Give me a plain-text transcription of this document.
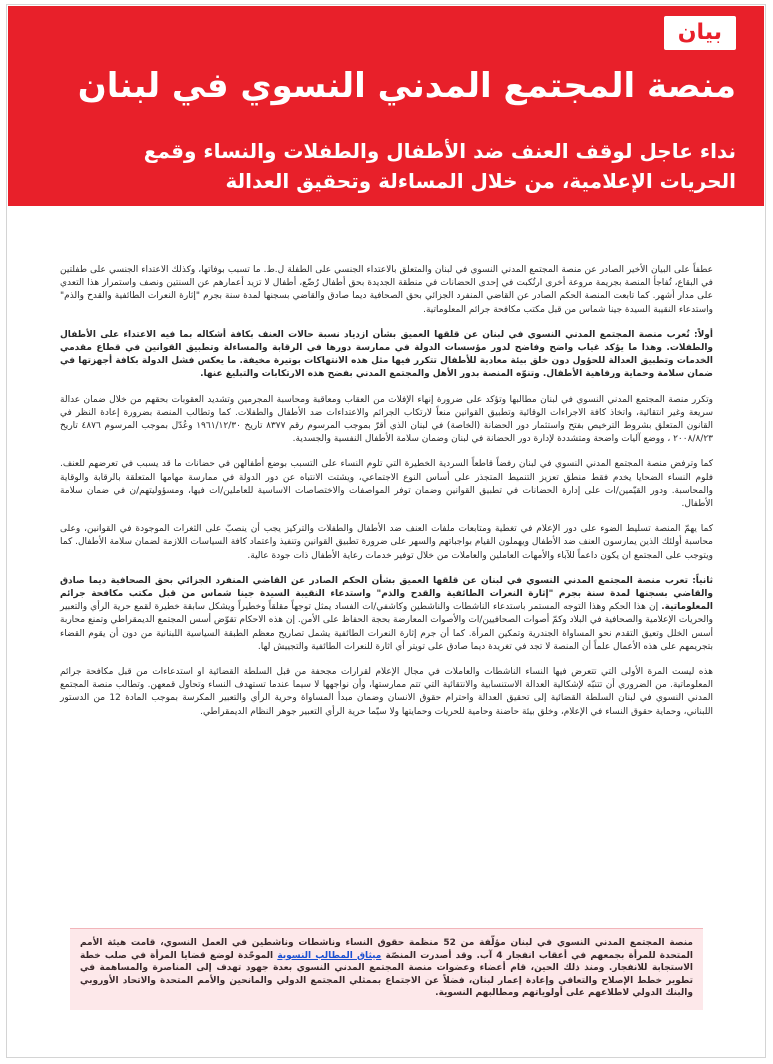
بيان
منصة المجتمع المدني النسوي في لبنان
نداء عاجل لوقف العنف ضد الأطفال والطفلات والنساء وقمع
الحريات الإعلامية، من خلال المساءلة وتحقيق العدالة

عطفاً على البيان الأخير الصادر عن منصة المجتمع المدني النسوي في لبنان والمتعلق بالاعتداء الجنسي على الطفلة ل.ط. ما تسبب بوفاتها، وكذلك الاعتداء الجنسي على طفلتين في البقاع، تُفاجأ المنصة بجريمة مروعة أخرى ارتُكبت في إحدى الحضانات في منطقة الجديدة بحق أطفال رُضّع، أطفال لا تزيد أعمارهم عن السنتين ونصف واستمرار هذا التعدي على مدار أشهر. كما تابعت المنصة الحكم الصادر عن القاضي المنفرد الجزائي بحق الصحافية ديما صادق والقاضي بسجنها لمدة سنة بجرم "إثارة النعرات الطائفية والقدح والذم" واستدعاء النقيبة السيدة جينا شماس من قبل مكتب مكافحة جرائم المعلوماتية.

أولاً: تُعرب منصة المجتمع المدني النسوي في لبنان عن قلقها العميق بشأن ازدياد نسبة حالات العنف بكافة أشكاله بما فيه الاعتداء على الأطفال والطفلات. وهذا ما يؤكد غياب واضح وفاضح لدور مؤسسات الدولة في ممارسة دورها في الرقابة والمساءلة وتطبيق القوانين في قطاع مقدمي الخدمات وتطبيق العدالة للحؤول دون خلق بيئة معادية للأطفال تتكرر فيها مثل هذه الانتهاكات بوتيرة مخيفة. ما يعكس فشل الدولة بكافة أجهزتها في ضمان سلامة وحماية ورفاهية الأطفال. وتنوّه المنصة بدور الأهل والمجتمع المدني بفضح هذه الارتكابات والتبليغ عنها.

وتكرر منصة المجتمع المدني النسوي في لبنان مطالبها وتؤكد على ضرورة إنهاء الإفلات من العقاب ومعاقبة ومحاسبة المجرمين وتشديد العقوبات بحقهم من خلال ضمان عدالة سريعة وغير انتقائية، واتخاذ كافة الاجراءات الوقائية وتطبيق القوانين منعاً لارتكاب الجرائم والاعتداءات ضد الأطفال والطفلات. كما وتطالب المنصة بضرورة إعادة النظر في القانون المتعلق بشروط الترخيص بفتح واستثمار دور الحضانة (الخاصة) في لبنان الذي أقرّ بموجب المرسوم رقم ٨٣٧٧ تاريخ ١٩٦١/١٢/٣٠ وعُدّل بموجب المرسوم ٤٨٧٦ تاريخ ٢٠٠٨/٨/٢٣ ، ووضع آليات واضحة ومتشددة لإدارة دور الحضانة في لبنان وضمان سلامة الأطفال النفسية والجسدية.

كما وترفض منصة المجتمع المدني النسوي في لبنان رفضاً قاطعاً السردية الخطيرة التي تلوم النساء على التسبب بوضع أطفالهن في حضانات ما قد يسبب في تعرضهم للعنف. فلوم النساء الضحايا يخدم فقط منطق تعزيز التنميط المتجذر على أساس النوع الاجتماعي، ويشتت الانتباه عن دور الدولة في ممارسة مهامها المتعلقة بالرقابة والوقاية والمحاسبة. ودور القيّمين/ات على إدارة الحضانات في تطبيق القوانين وضمان توفر المواصفات والاختصاصات الاساسية للعاملين/ات فيها، ومسؤوليتهم/ن في ضمان سلامة الأطفال.

كما يهمّ المنصة تسليط الضوء على دور الإعلام في تغطية ومتابعات ملفات العنف ضد الأطفال والطفلات والتركيز يجب أن ينصبّ على الثغرات الموجودة في القوانين، وعلى محاسبة أولئك الذين يمارسون العنف ضد الأطفال ويهملون القيام بواجباتهم والسهر على ضرورة تطبيق القوانين وتنفيذ واعتماد كافة السياسات اللازمة لضمان سلامة الأطفال. كما ويتوجب على المجتمع ان يكون داعماً للآباء والأمهات العاملين والعاملات من خلال توفير خدمات رعاية الأطفال ذات جودة عالية.

ثانياً: تعرب منصة المجتمع المدني النسوي في لبنان عن قلقها العميق بشأن الحكم الصادر عن القاضي المنفرد الجزائي بحق الصحافية ديما صادق والقاضي بسجنها لمدة سنة بجرم "إثارة النعرات الطائفية والقدح والذم" واستدعاء النقيبة السيدة جينا شماس من قبل مكتب مكافحة جرائم المعلوماتية. إن هذا الحكم وهذا التوجه المستمر باستدعاء الناشطات والناشطين وكاشفي/ات الفساد يمثل توجهاً مقلقاً وخطيراً ويشكل سابقة خطيرة لقمع حرية الرأي والتعبير والحريات الإعلامية والصحافية في البلاد وكمّ أصوات الصحافيين/ات والأصوات المعارضة بحجة الحفاظ على الأمن. إن هذه الاحكام تقوّض أسس المجتمع الديمقراطي وتمنع محاربة أسس الخلل وتعيق التقدم نحو المساواة الجندرية وتمكين المرأة. كما أن جرم إثارة النعرات الطائفية يشمل تصاريح معظم الطبقة السياسية اللبنانية من دون أن يقوم القضاء بتجريمهم على هذه الأعمال علماً أن المنصة لا تجد في تغريدة ديما صادق على تويتر أي اثارة للنعرات الطائفية والتجييش لها.

هذه ليست المرة الأولى التي تتعرض فيها النساء الناشطات والعاملات في مجال الإعلام لقرارات مجحفة من قبل السلطة القضائية او استدعاءات من قبل مكافحة جرائم المعلوماتية. من الضروري أن تتنبّه لإشكالية العدالة الاستنسابية والانتقائية التي تتم ممارستها، وأن نواجهها لا سيما عندما تستهدف النساء وتحاول قمعهن. وتطالب منصة المجتمع المدني النسوي في لبنان السلطة القضائية إلى تحقيق العدالة واحترام حقوق الانسان وضمان مبدأ المساواة وحرية الرأي والتعبير المكرسة بموجب المادة 12 من الدستور اللبناني، وحماية حقوق النساء في الإعلام، وخلق بيئة حاضنة وحامية للحريات وحمايتها ولا سيّما حرية الرأي التعبير جوهر النظام الديمقراطي.

منصة المجتمع المدني النسوي في لبنان مؤلّفة من 52 منظمة حقوق النساء وناشطات وناشطين في العمل النسوي، قامت هيئة الأمم المتحدة للمرأة بجمعهم في أعقاب انفجار 4 آب. وقد أصدرت المنصّة ميثاق المطالب النسوية الموحّدة لوضع قضايا المرأة في صلب خطة الاستجابة للانفجار. ومنذ ذلك الحين، قام أعضاء وعضوات منصة المجتمع المدني النسوي بعدة جهود تهدف إلى المناصرة والمساهمة في تطوير خطط الإصلاح والتعافي وإعادة إعمار لبنان، فضلاً عن الاجتماع بممثلي المجتمع الدولي والمانحين والأمم المتحدة والاتحاد الأوروبي والبنك الدولي لاطلاعهم على أولوياتهم ومطالبهم النسوية.
